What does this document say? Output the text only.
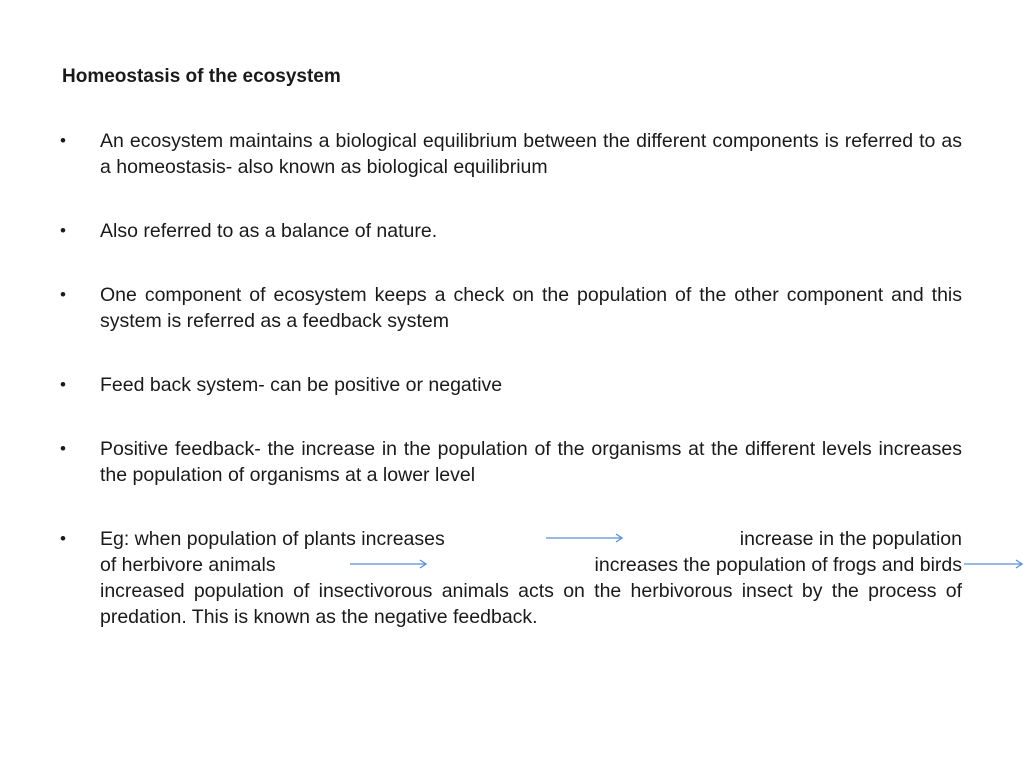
Homeostasis of the ecosystem
• An ecosystem maintains a biological equilibrium between the different components is referred to as a homeostasis- also known as biological equilibrium
• Also referred to as a balance of nature.
• One component of ecosystem keeps a check on the population of the other component and this system is referred as a feedback system
• Feed back system- can be positive or negative
• Positive feedback- the increase in the population of the organisms at the different levels increases the population of organisms at a lower level
• Eg: when population of plants increases	increase in the population
of herbivore animals	increases the population of frogs and birds
increased population of insectivorous animals acts on the herbivorous insect by the process of predation. This is known as the negative feedback.
